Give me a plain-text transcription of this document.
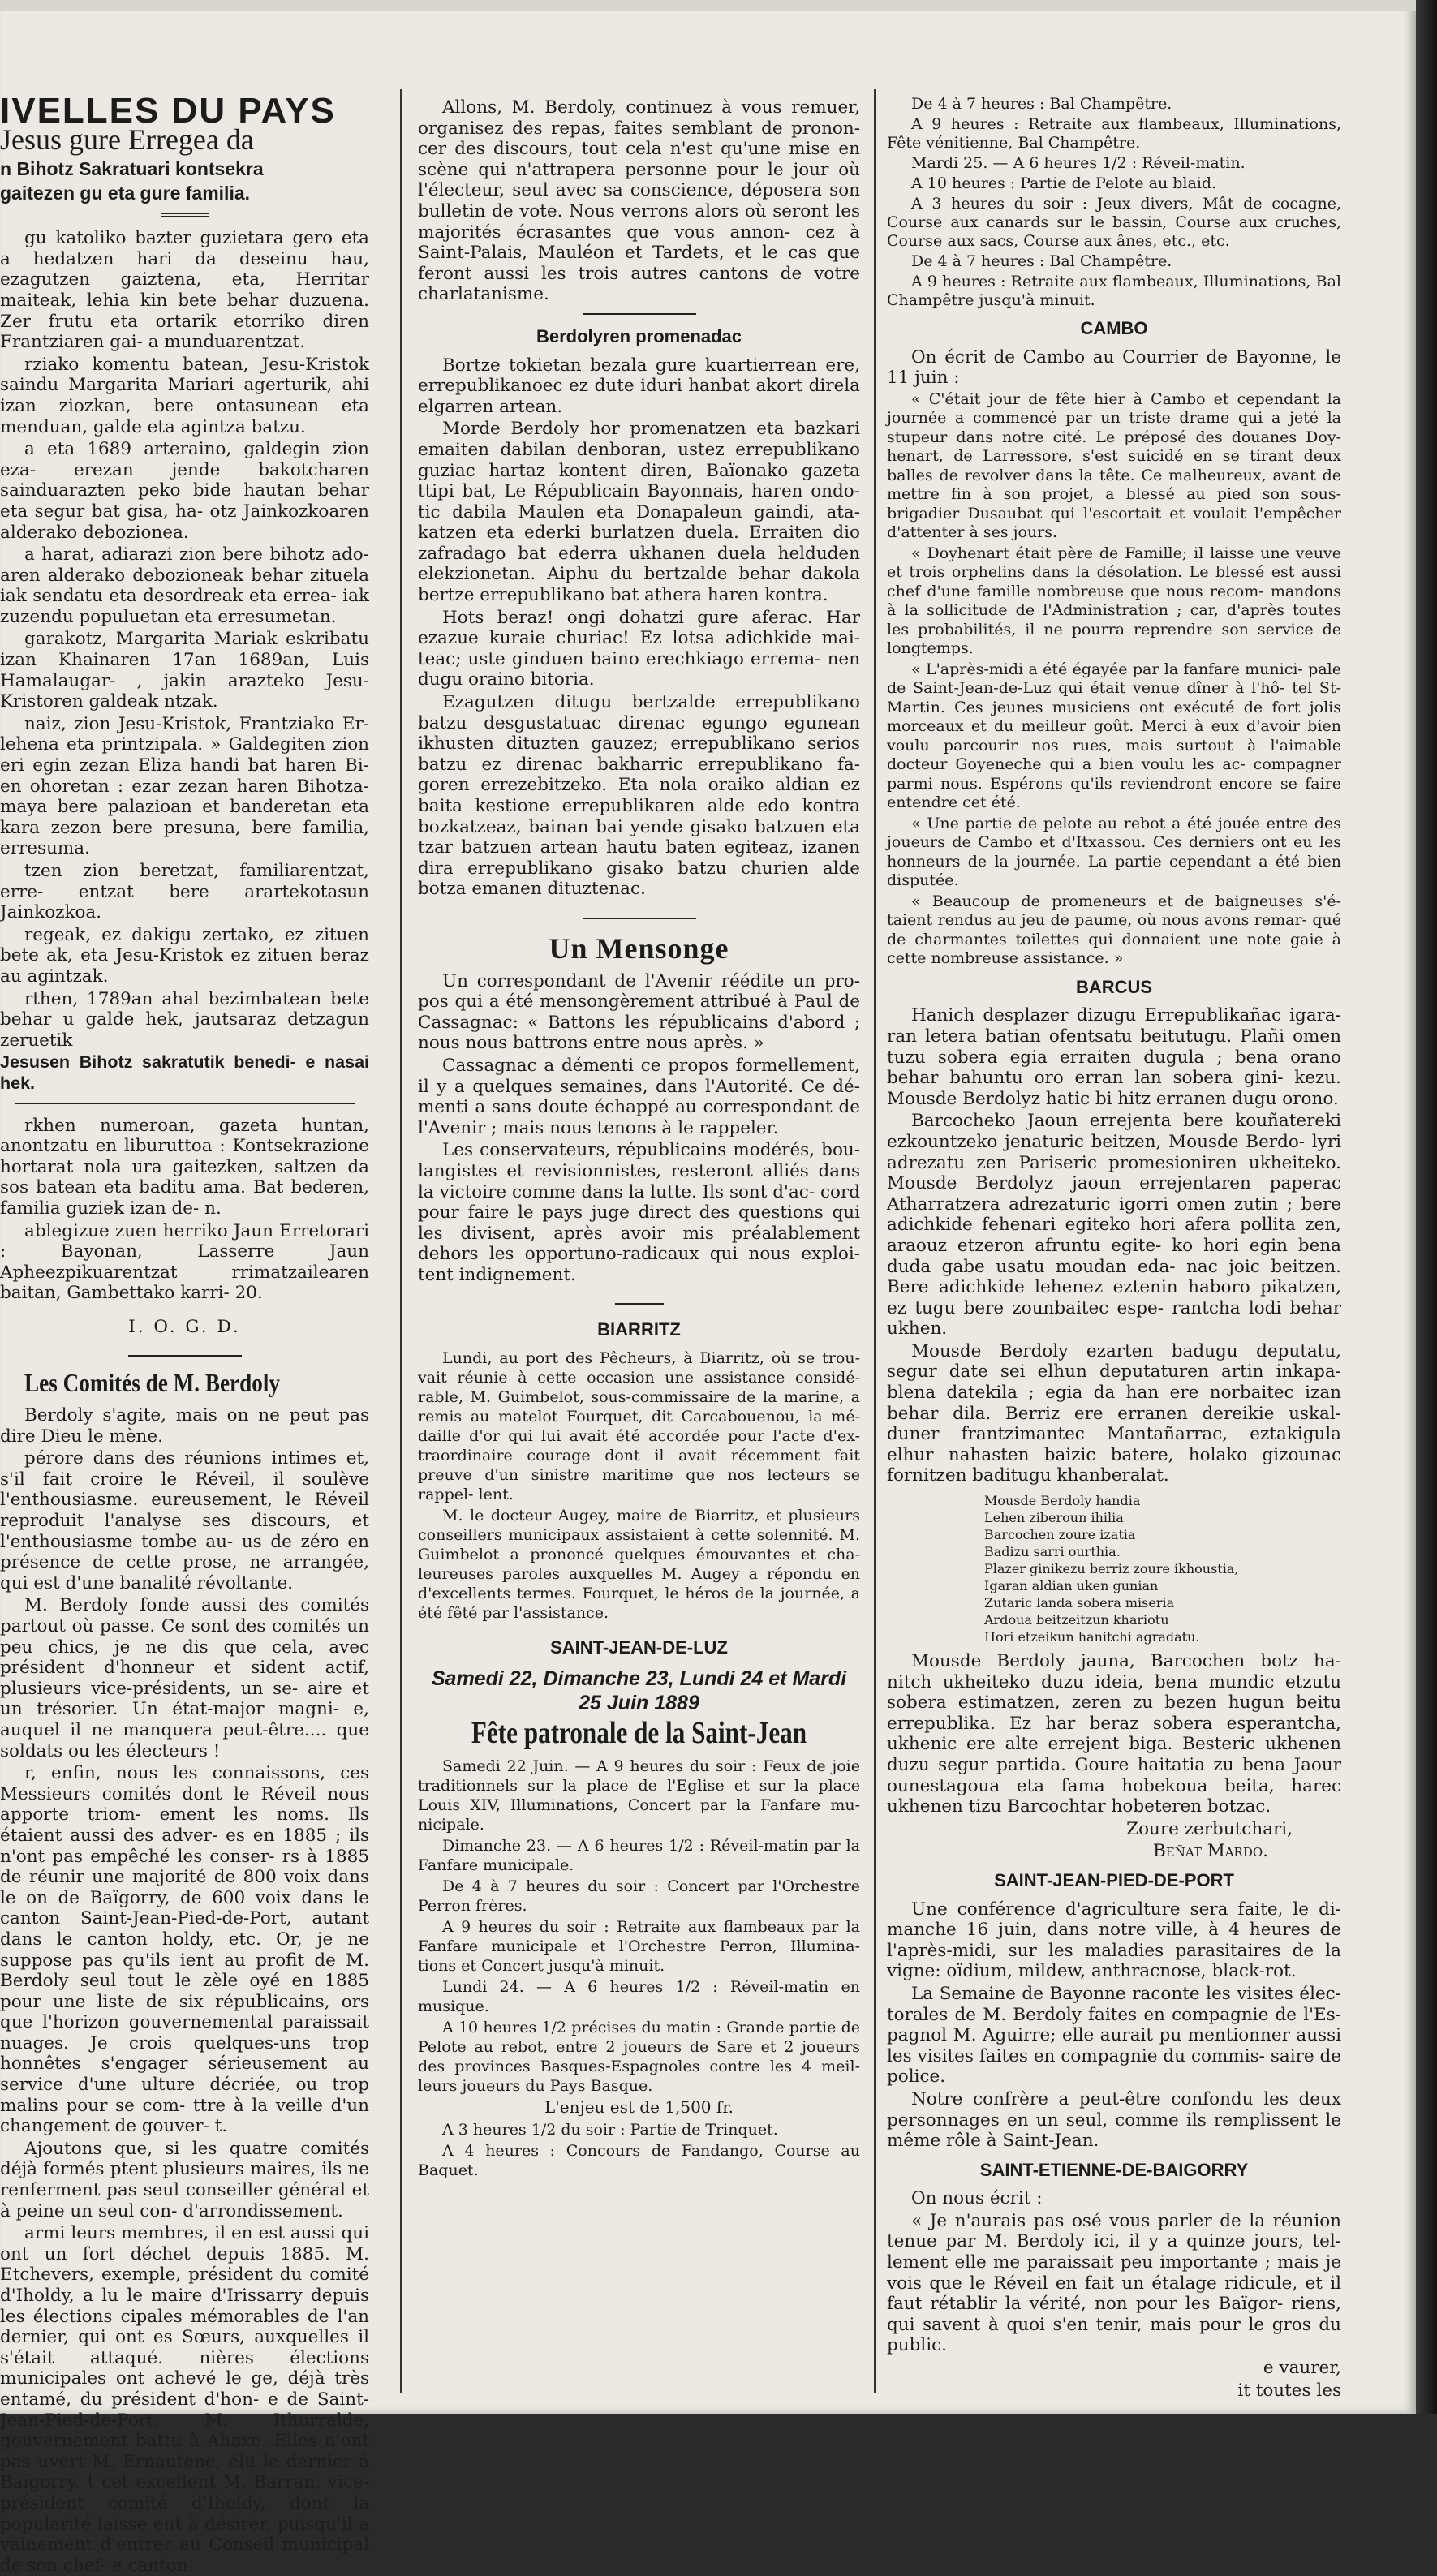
IVELLES DU PAYS
Jesus gure Erregea da

n Bihotz Sakratuari kontsekra

gaitezen gu eta gure familia.

gu katoliko bazter guzietara gero eta a hedatzen hari da deseinu hau, ezagutzen gaiztena, eta, Herritar maiteak, lehia kin bete behar duzuena. Zer frutu eta ortarik etorriko diren Frantziaren gai- a munduarentzat.

rziako komentu batean, Jesu-Kristok saindu Margarita Mariari agerturik, ahi izan ziozkan, bere ontasunean eta menduan, galde eta agintza batzu.

a eta 1689 arteraino, galdegin zion eza- erezan jende bakotcharen sainduarazten peko bide hautan behar eta segur bat gisa, ha- otz Jainkozkoaren alderako debozionea.

a harat, adiarazi zion bere bihotz ado- aren alderako debozioneak behar zituela iak sendatu eta desordreak eta errea- iak zuzendu populuetan eta erresumetan.

garakotz, Margarita Mariak eskribatu izan Khainaren 17an 1689an, Luis Hamalaugar- , jakin arazteko Jesu-Kristoren galdeak ntzak.

naiz, zion Jesu-Kristok, Frantziako Er- lehena eta printzipala. » Galdegiten zion eri egin zezan Eliza handi bat haren Bi- en ohoretan : ezar zezan haren Bihotza- maya bere palazioan et banderetan eta kara zezon bere presuna, bere familia, erresuma.

tzen zion beretzat, familiarentzat, erre- entzat bere arartekotasun Jainkozkoa.

regeak, ez dakigu zertako, ez zituen bete ak, eta Jesu-Kristok ez zituen beraz au agintzak.

rthen, 1789an ahal bezimbatean bete behar u galde hek, jautsaraz detzagun zeruetik

Jesusen Bihotz sakratutik benedi- e nasai hek.

rkhen numeroan, gazeta huntan, anontzatu en liburuttoa : Kontsekrazione hortarat nola ura gaitezken, saltzen da sos batean eta baditu ama. Bat bederen, familia guziek izan de- n.

ablegizue zuen herriko Jaun Erretorari : Bayonan, Lasserre Jaun Apheezpikuarentzat rrimatzailearen baitan, Gambettako karri- 20.

I. O. G. D.

Les Comités de M. Berdoly

Berdoly s'agite, mais on ne peut pas dire Dieu le mène.

pérore dans des réunions intimes et, s'il fait croire le Réveil, il soulève l'enthousiasme. eureusement, le Réveil reproduit l'analyse ses discours, et l'enthousiasme tombe au- us de zéro en présence de cette prose, ne arrangée, qui est d'une banalité révoltante.

M. Berdoly fonde aussi des comités partout où passe. Ce sont des comités un peu chics, je ne dis que cela, avec président d'honneur et sident actif, plusieurs vice-présidents, un se- aire et un trésorier. Un état-major magni- e, auquel il ne manquera peut-être.... que soldats ou les électeurs !

r, enfin, nous les connaissons, ces Messieurs comités dont le Réveil nous apporte triom- ement les noms. Ils étaient aussi des adver- es en 1885 ; ils n'ont pas empêché les conser- rs à 1885 de réunir une majorité de 800 voix dans le on de Baïgorry, de 600 voix dans le canton Saint-Jean-Pied-de-Port, autant dans le canton holdy, etc. Or, je ne suppose pas qu'ils ient au profit de M. Berdoly seul tout le zèle oyé en 1885 pour une liste de six républicains, ors que l'horizon gouvernemental paraissait nuages. Je crois quelques-uns trop honnêtes s'engager sérieusement au service d'une ulture décriée, ou trop malins pour se com- ttre à la veille d'un changement de gouver- t.

Ajoutons que, si les quatre comités déjà formés ptent plusieurs maires, ils ne renferment pas seul conseiller général et à peine un seul con- d'arrondissement.

armi leurs membres, il en est aussi qui ont un fort déchet depuis 1885. M. Etchevers, exemple, président du comité d'Iholdy, a lu le maire d'Irissarry depuis les élections cipales mémorables de l'an dernier, qui ont es Sœurs, auxquelles il s'était attaqué. nières élections municipales ont achevé le ge, déjà très entamé, du président d'hon- e de Saint-Jean-Pied-de-Port, M. Ithurralde, gouvernement battu à Ahaxe. Elles n'ont pas uvert M. Ernautene, élu le dernier à Baïgorry. t cet excellent M. Barran, vice-président comité d'Iholdy, dont la popularité laisse ent à désirer, puisqu'il a vainement d'entrer au Conseil municipal de son chef- e canton.

Allons, M. Berdoly, continuez à vous remuer, organisez des repas, faites semblant de pronon- cer des discours, tout cela n'est qu'une mise en scène qui n'attrapera personne pour le jour où l'électeur, seul avec sa conscience, déposera son bulletin de vote. Nous verrons alors où seront les majorités écrasantes que vous annon- cez à Saint-Palais, Mauléon et Tardets, et le cas que feront aussi les trois autres cantons de votre charlatanisme.

Berdolyren promenadac

Bortze tokietan bezala gure kuartierrean ere, errepublikanoec ez dute iduri hanbat akort direla elgarren artean.

Morde Berdoly hor promenatzen eta bazkari emaiten dabilan denboran, ustez errepublikano guziac hartaz kontent diren, Baïonako gazeta ttipi bat, Le Républicain Bayonnais, haren ondo- tic dabila Maulen eta Donapaleun gaindi, ata- katzen eta ederki burlatzen duela. Erraiten dio zafradago bat ederra ukhanen duela helduden elekzionetan. Aiphu du bertzalde behar dakola bertze errepublikano bat athera haren kontra.

Hots beraz! ongi dohatzi gure aferac. Har ezazue kuraie churiac! Ez lotsa adichkide mai- teac; uste ginduen baino erechkiago errema- nen dugu oraino bitoria.

Ezagutzen ditugu bertzalde errepublikano batzu desgustatuac direnac egungo egunean ikhusten dituzten gauzez; errepublikano serios batzu ez direnac bakharric errepublikano fa- goren errezebitzeko. Eta nola oraiko aldian ez baita kestione errepublikaren alde edo kontra bozkatzeaz, bainan bai yende gisako batzuen eta tzar batzuen artean hautu baten egiteaz, izanen dira errepublikano gisako batzu churien alde botza emanen dituztenac.

Un Mensonge

Un correspondant de l'Avenir réédite un pro- pos qui a été mensongèrement attribué à Paul de Cassagnac: « Battons les républicains d'abord ; nous nous battrons entre nous après. »

Cassagnac a démenti ce propos formellement, il y a quelques semaines, dans l'Autorité. Ce dé- menti a sans doute échappé au correspondant de l'Avenir ; mais nous tenons à le rappeler.

Les conservateurs, républicains modérés, bou- langistes et revisionnistes, resteront alliés dans la victoire comme dans la lutte. Ils sont d'ac- cord pour faire le pays juge direct des questions qui les divisent, après avoir mis préalablement dehors les opportuno-radicaux qui nous exploi- tent indignement.

BIARRITZ

Lundi, au port des Pêcheurs, à Biarritz, où se trou- vait réunie à cette occasion une assistance considé- rable, M. Guimbelot, sous-commissaire de la marine, a remis au matelot Fourquet, dit Carcabouenou, la mé- daille d'or qui lui avait été accordée pour l'acte d'ex- traordinaire courage dont il avait récemment fait preuve d'un sinistre maritime que nos lecteurs se rappel- lent.

M. le docteur Augey, maire de Biarritz, et plusieurs conseillers municipaux assistaient à cette solennité. M. Guimbelot a prononcé quelques émouvantes et cha- leureuses paroles auxquelles M. Augey a répondu en d'excellents termes. Fourquet, le héros de la journée, a été fêté par l'assistance.

SAINT-JEAN-DE-LUZ
Samedi 22, Dimanche 23, Lundi 24 et Mardi
25 Juin 1889
Fête patronale de la Saint-Jean

Samedi 22 Juin. — A 9 heures du soir : Feux de joie traditionnels sur la place de l'Eglise et sur la place Louis XIV, Illuminations, Concert par la Fanfare mu- nicipale.

Dimanche 23. — A 6 heures 1/2 : Réveil-matin par la Fanfare municipale.

De 4 à 7 heures du soir : Concert par l'Orchestre Perron frères.

A 9 heures du soir : Retraite aux flambeaux par la Fanfare municipale et l'Orchestre Perron, Illumina- tions et Concert jusqu'à minuit.

Lundi 24. — A 6 heures 1/2 : Réveil-matin en musique.

A 10 heures 1/2 précises du matin : Grande partie de Pelote au rebot, entre 2 joueurs de Sare et 2 joueurs des provinces Basques-Espagnoles contre les 4 meil- leurs joueurs du Pays Basque.

L'enjeu est de 1,500 fr.

A 3 heures 1/2 du soir : Partie de Trinquet.

A 4 heures : Concours de Fandango, Course au Baquet.

De 4 à 7 heures : Bal Champêtre.

A 9 heures : Retraite aux flambeaux, Illuminations, Fête vénitienne, Bal Champêtre.

Mardi 25. — A 6 heures 1/2 : Réveil-matin.

A 10 heures : Partie de Pelote au blaid.

A 3 heures du soir : Jeux divers, Mât de cocagne, Course aux canards sur le bassin, Course aux cruches, Course aux sacs, Course aux ânes, etc., etc.

De 4 à 7 heures : Bal Champêtre.

A 9 heures : Retraite aux flambeaux, Illuminations, Bal Champêtre jusqu'à minuit.

CAMBO

On écrit de Cambo au Courrier de Bayonne, le 11 juin :

« C'était jour de fête hier à Cambo et cependant la journée a commencé par un triste drame qui a jeté la stupeur dans notre cité. Le préposé des douanes Doy- henart, de Larressore, s'est suicidé en se tirant deux balles de revolver dans la tête. Ce malheureux, avant de mettre fin à son projet, a blessé au pied son sous- brigadier Dusaubat qui l'escortait et voulait l'empêcher d'attenter à ses jours.

« Doyhenart était père de Famille; il laisse une veuve et trois orphelins dans la désolation. Le blessé est aussi chef d'une famille nombreuse que nous recom- mandons à la sollicitude de l'Administration ; car, d'après toutes les probabilités, il ne pourra reprendre son service de longtemps.

« L'après-midi a été égayée par la fanfare munici- pale de Saint-Jean-de-Luz qui était venue dîner à l'hô- tel St-Martin. Ces jeunes musiciens ont exécuté de fort jolis morceaux et du meilleur goût. Merci à eux d'avoir bien voulu parcourir nos rues, mais surtout à l'aimable docteur Goyeneche qui a bien voulu les ac- compagner parmi nous. Espérons qu'ils reviendront encore se faire entendre cet été.

« Une partie de pelote au rebot a été jouée entre des joueurs de Cambo et d'Itxassou. Ces derniers ont eu les honneurs de la journée. La partie cependant a été bien disputée.

« Beaucoup de promeneurs et de baigneuses s'é- taient rendus au jeu de paume, où nous avons remar- qué de charmantes toilettes qui donnaient une note gaie à cette nombreuse assistance. »

BARCUS

Hanich desplazer dizugu Errepublikañac igara- ran letera batian ofentsatu beitutugu. Plañi omen tuzu sobera egia erraiten dugula ; bena orano behar bahuntu oro erran lan sobera gini- kezu. Mousde Berdolyz hatic bi hitz erranen dugu orono.

Barcocheko Jaoun errejenta bere kouñatereki ezkountzeko jenaturic beitzen, Mousde Berdo- lyri adrezatu zen Pariseric promesioniren ukheiteko. Mousde Berdolyz jaoun errejentaren paperac Atharratzera adrezaturic igorri omen zutin ; bere adichkide fehenari egiteko hori afera pollita zen, araouz etzeron afruntu egite- ko hori egin bena duda gabe usatu moudan eda- nac joic beitzen. Bere adichkide lehenez eztenin haboro pikatzen, ez tugu bere zounbaitec espe- rantcha lodi behar ukhen.

Mousde Berdoly ezarten badugu deputatu, segur date sei elhun deputaturen artin inkapa- blena datekila ; egia da han ere norbaitec izan behar dila. Berriz ere erranen dereikie uskal- duner frantzimantec Mantañarrac, eztakigula elhur nahasten baizic batere, holako gizounac fornitzen baditugu khanberalat.

Mousde Berdoly handia

Lehen ziberoun ihilia

Barcochen zoure izatia

Badizu sarri ourthia.

Plazer ginikezu berriz zoure ikhoustia,

Igaran aldian uken gunian

Zutaric landa sobera miseria

Ardoua beitzeitzun khariotu

Hori etzeikun hanitchi agradatu.

Mousde Berdoly jauna, Barcochen botz ha- nitch ukheiteko duzu ideia, bena mundic etzutu sobera estimatzen, zeren zu bezen hugun beitu errepublika. Ez har beraz sobera esperantcha, ukhenic ere alte errejent biga. Besteric ukhenen duzu segur partida. Goure haitatia zu bena Jaour ounestagoua eta fama hobekoua beita, harec ukhenen tizu Barcochtar hobeteren botzac.

Zoure zerbutchari,

Beñat Mardo.

SAINT-JEAN-PIED-DE-PORT

Une conférence d'agriculture sera faite, le di- manche 16 juin, dans notre ville, à 4 heures de l'après-midi, sur les maladies parasitaires de la vigne: oïdium, mildew, anthracnose, black-rot.

La Semaine de Bayonne raconte les visites élec- torales de M. Berdoly faites en compagnie de l'Es- pagnol M. Aguirre; elle aurait pu mentionner aussi les visites faites en compagnie du commis- saire de police.

Notre confrère a peut-être confondu les deux personnages en un seul, comme ils remplissent le même rôle à Saint-Jean.

SAINT-ETIENNE-DE-BAIGORRY

On nous écrit :

« Je n'aurais pas osé vous parler de la réunion tenue par M. Berdoly ici, il y a quinze jours, tel- lement elle me paraissait peu importante ; mais je vois que le Réveil en fait un étalage ridicule, et il faut rétablir la vérité, non pour les Baïgor- riens, qui savent à quoi s'en tenir, mais pour le gros du public.

e vaurer,

it toutes les
